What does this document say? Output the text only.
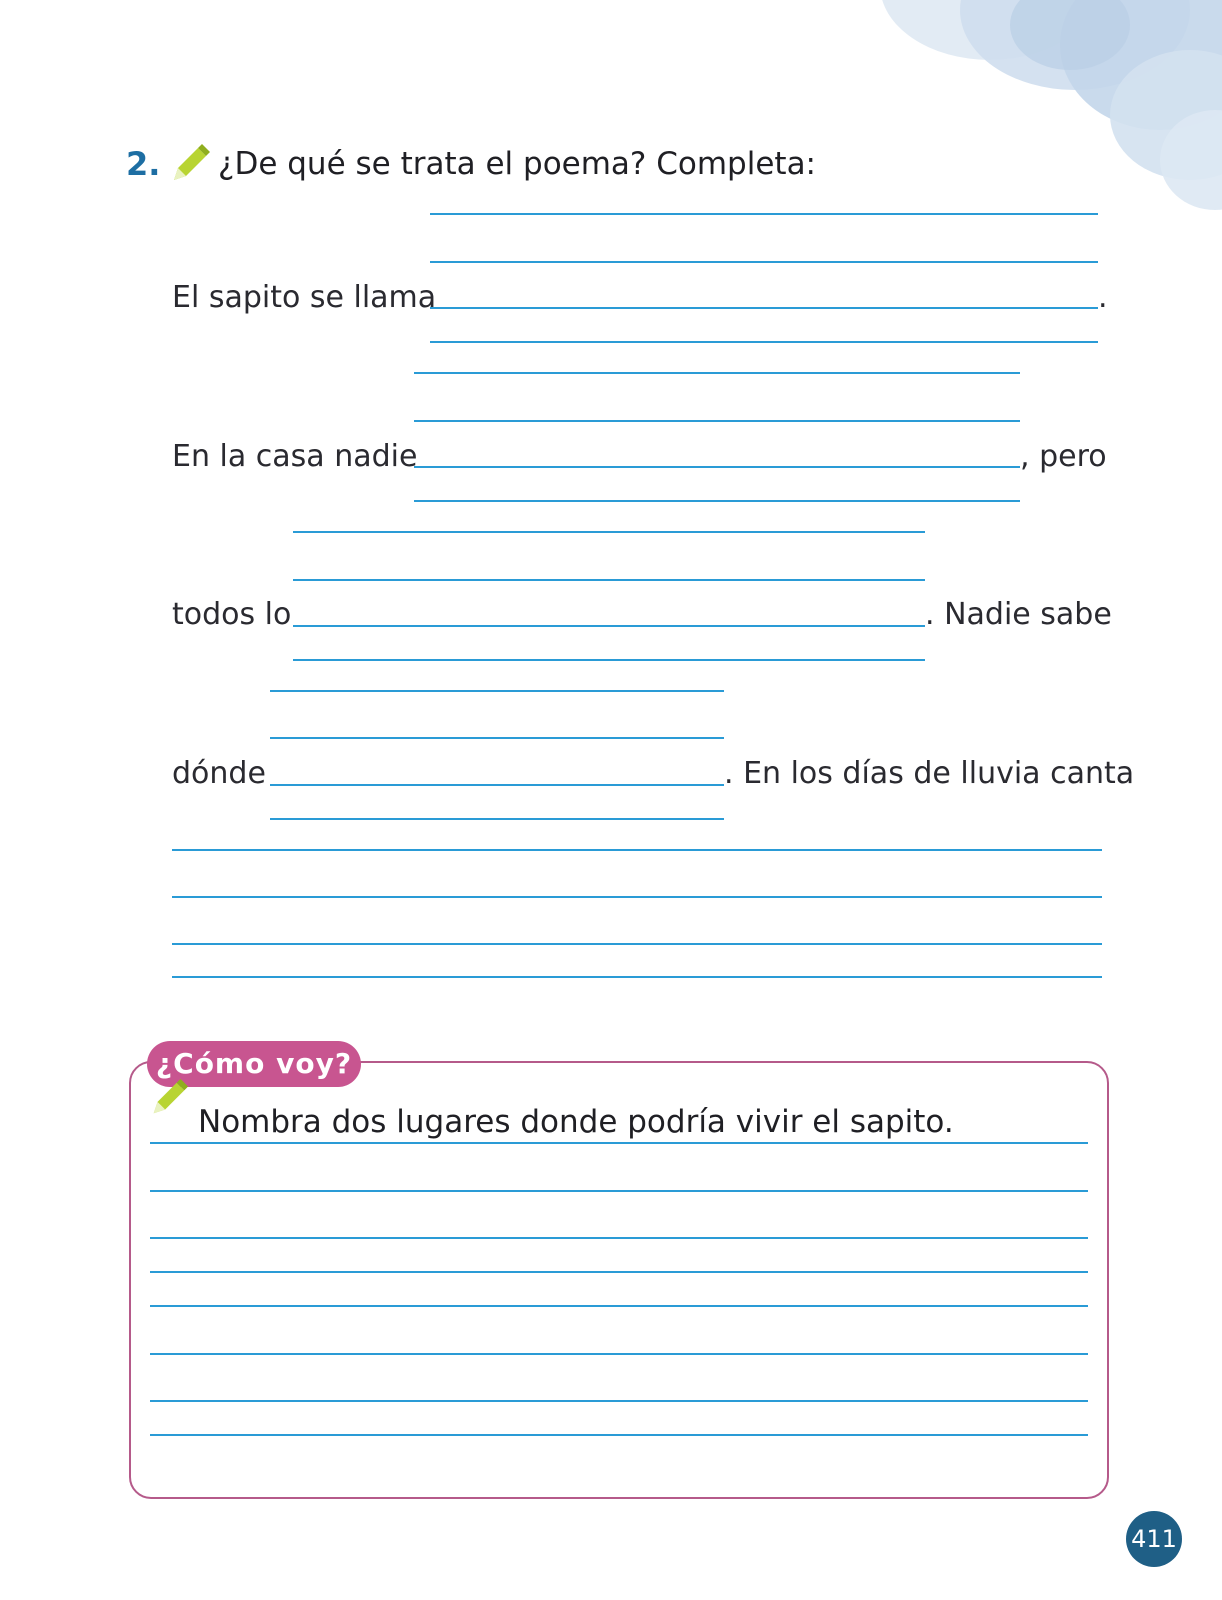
2. ¿De qué se trata el poema? Completa:
El sapito se llama	.
En la casa nadie	, pero
todos lo	. Nadie sabe
dónde	. En los días de lluvia canta
¿Cómo voy?
Nombra dos lugares donde podría vivir el sapito.
411
